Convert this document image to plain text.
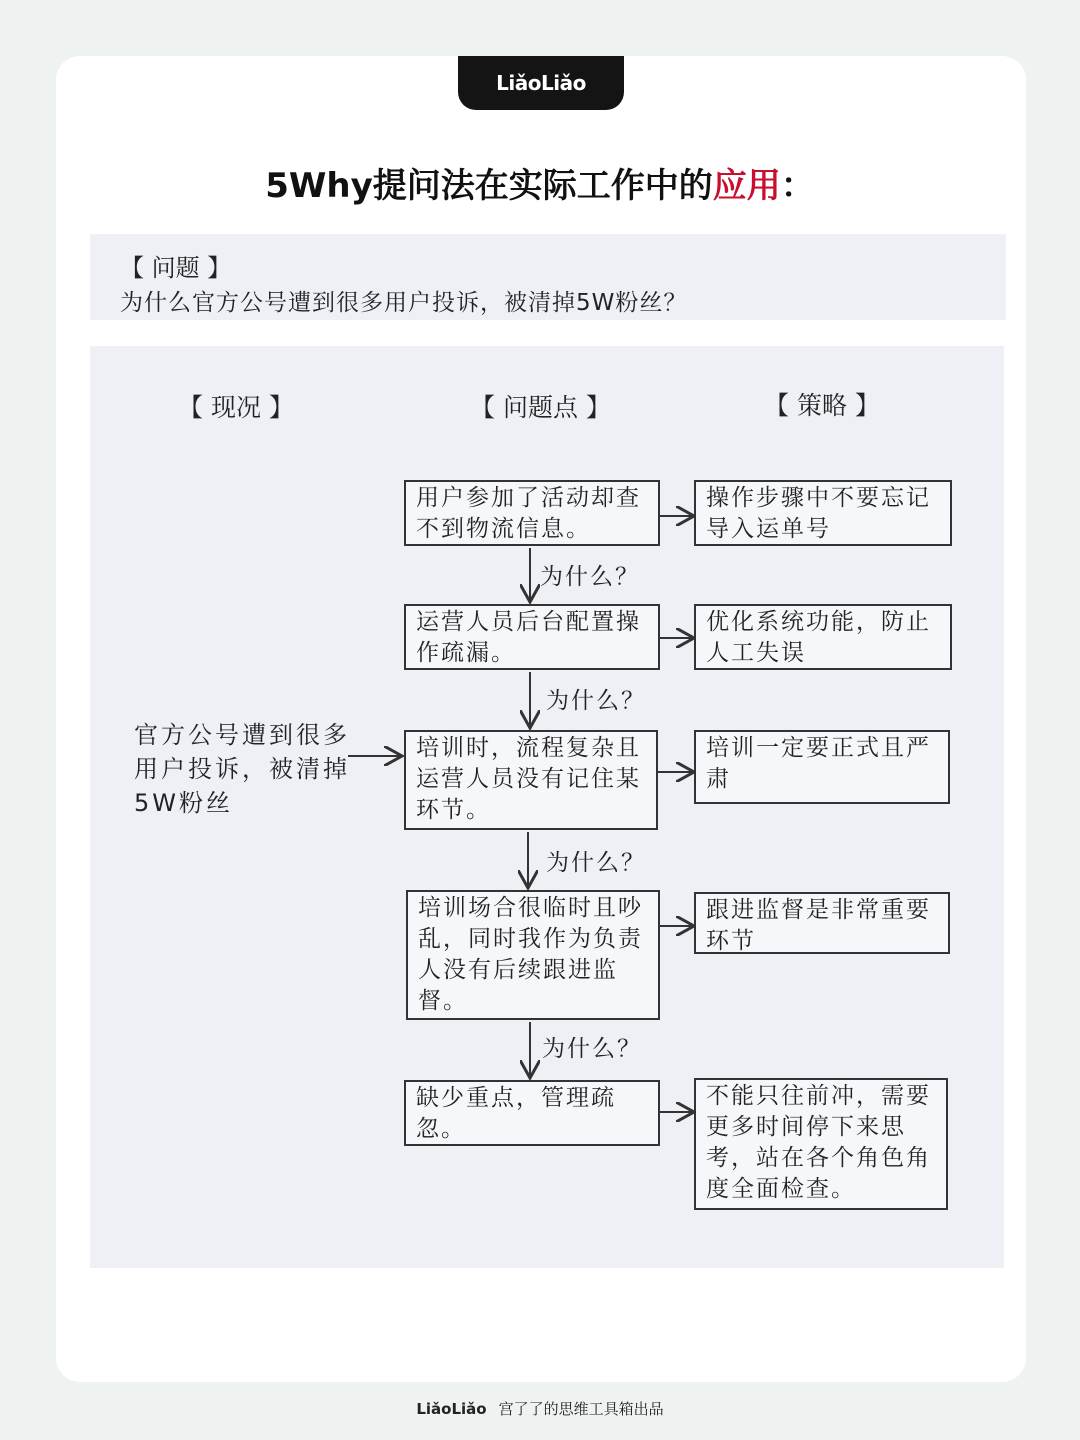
LiǎoLiǎo
5Why提问法在实际工作中的应用：
【 问题 】
为什么官方公号遭到很多用户投诉，被清掉5W粉丝？
【 现况 】	【 问题点 】	【 策略 】
官方公号遭到很多用户投诉，被清掉5W粉丝
用户参加了活动却查不到物流信息。
运营人员后台配置操作疏漏。
培训时，流程复杂且运营人员没有记住某环节。
培训场合很临时且吵乱，同时我作为负责人没有后续跟进监督。
缺少重点，管理疏忽。
操作步骤中不要忘记导入运单号
优化系统功能，防止人工失误
培训一定要正式且严肃
跟进监督是非常重要环节
不能只往前冲，需要更多时间停下来思考，站在各个角色角度全面检查。
为什么？
为什么？
为什么？
为什么？
LiǎoLiǎo 宫了了的思维工具箱出品
